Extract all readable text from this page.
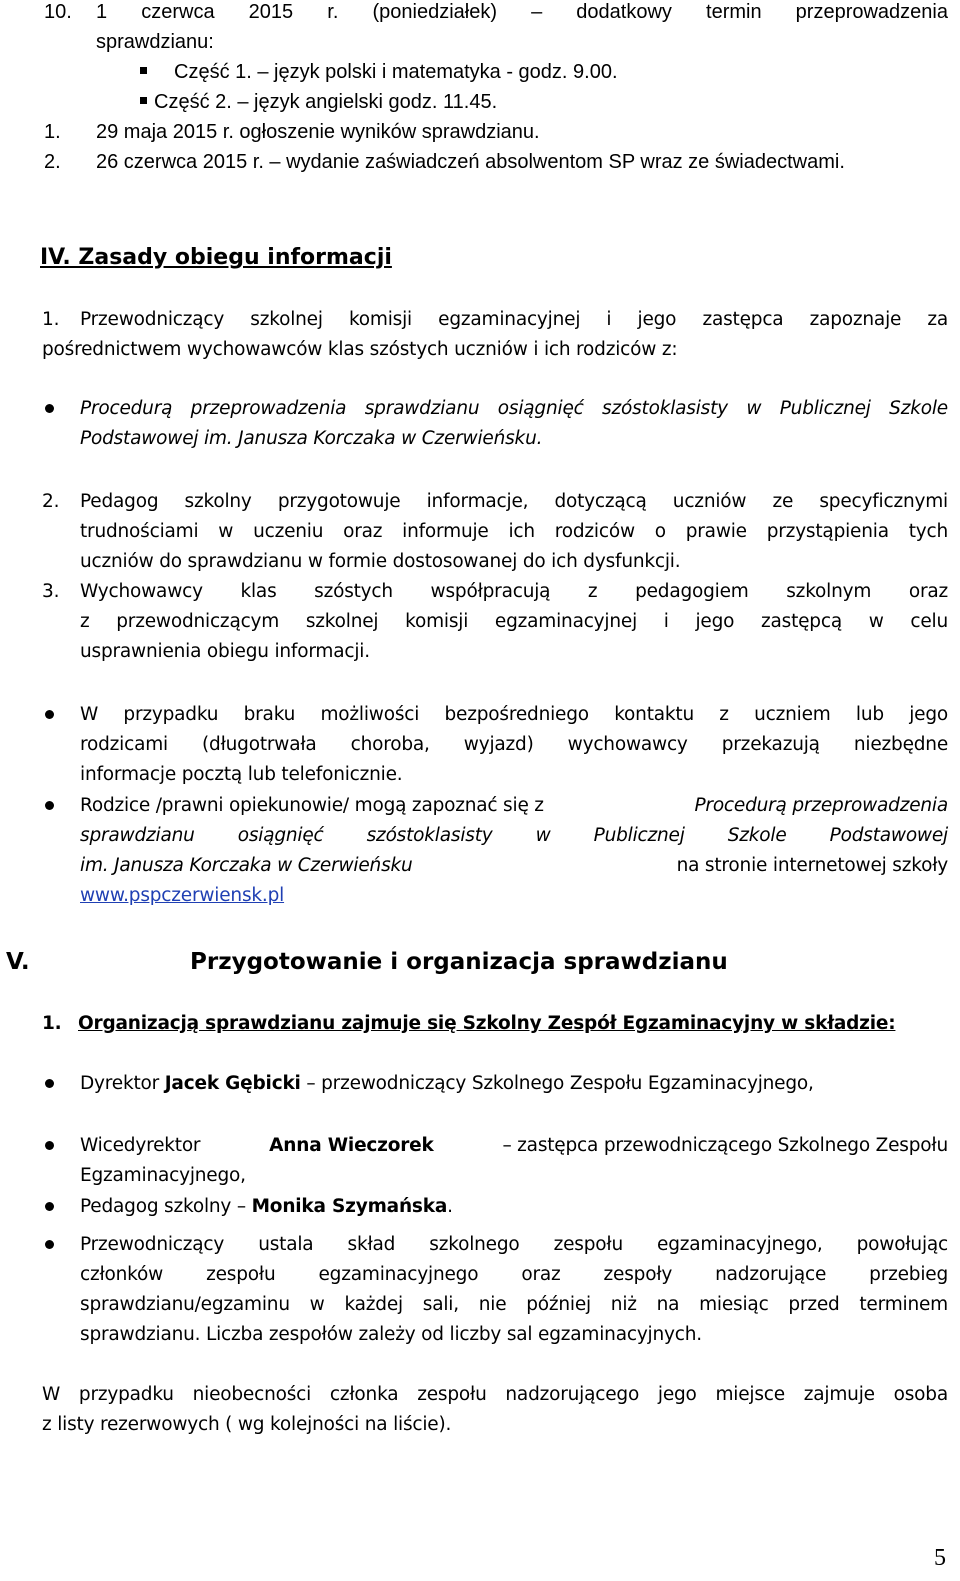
10. 1 czerwca 2015 r. (poniedziałek) – dodatkowy termin przeprowadzenia
sprawdzianu:
Część 1. – język polski i matematyka - godz. 9.00.
Część 2. – język angielski godz. 11.45.
1. 29 maja 2015 r. ogłoszenie wyników sprawdzianu.
2. 26 czerwca 2015 r. – wydanie zaświadczeń absolwentom SP wraz ze świadectwami.
IV. Zasady obiegu informacji
1. Przewodniczący szkolnej komisji egzaminacyjnej i jego zastępca zapoznaje za
pośrednictwem wychowawców klas szóstych uczniów i ich rodziców z:
Procedurą przeprowadzenia sprawdzianu osiągnięć szóstoklasisty w Publicznej Szkole
Podstawowej im. Janusza Korczaka w Czerwieńsku.
2. Pedagog szkolny przygotowuje informacje, dotyczącą uczniów ze specyficznymi
trudnościami w uczeniu oraz informuje ich rodziców o prawie przystąpienia tych
uczniów do sprawdzianu w formie dostosowanej do ich dysfunkcji.
3. Wychowawcy klas szóstych współpracują z pedagogiem szkolnym oraz
z przewodniczącym szkolnej komisji egzaminacyjnej i jego zastępcą w celu
usprawnienia obiegu informacji.
W przypadku braku możliwości bezpośredniego kontaktu z uczniem lub jego
rodzicami (długotrwała choroba, wyjazd) wychowawcy przekazują niezbędne
informacje pocztą lub telefonicznie.
Rodzice /prawni opiekunowie/ mogą zapoznać się z	Procedurą przeprowadzenia
sprawdzianu osiągnięć szóstoklasisty w Publicznej Szkole Podstawowej
im. Janusza Korczaka w Czerwieńsku	na stronie internetowej szkoły
www.pspczerwiensk.pl
V.	Przygotowanie i organizacja sprawdzianu
1. Organizacją sprawdzianu zajmuje się Szkolny Zespół Egzaminacyjny w składzie:
Dyrektor Jacek Gębicki – przewodniczący Szkolnego Zespołu Egzaminacyjnego,
Wicedyrektor	Anna Wieczorek	– zastępca przewodniczącego Szkolnego Zespołu
Egzaminacyjnego,
Pedagog szkolny – Monika Szymańska.
Przewodniczący ustala skład szkolnego zespołu egzaminacyjnego, powołując
członków zespołu egzaminacyjnego oraz zespoły nadzorujące przebieg
sprawdzianu/egzaminu w każdej sali, nie później niż na miesiąc przed terminem
sprawdzianu. Liczba zespołów zależy od liczby sal egzaminacyjnych.
W przypadku nieobecności członka zespołu nadzorującego jego miejsce zajmuje osoba
z listy rezerwowych ( wg kolejności na liście).
5
